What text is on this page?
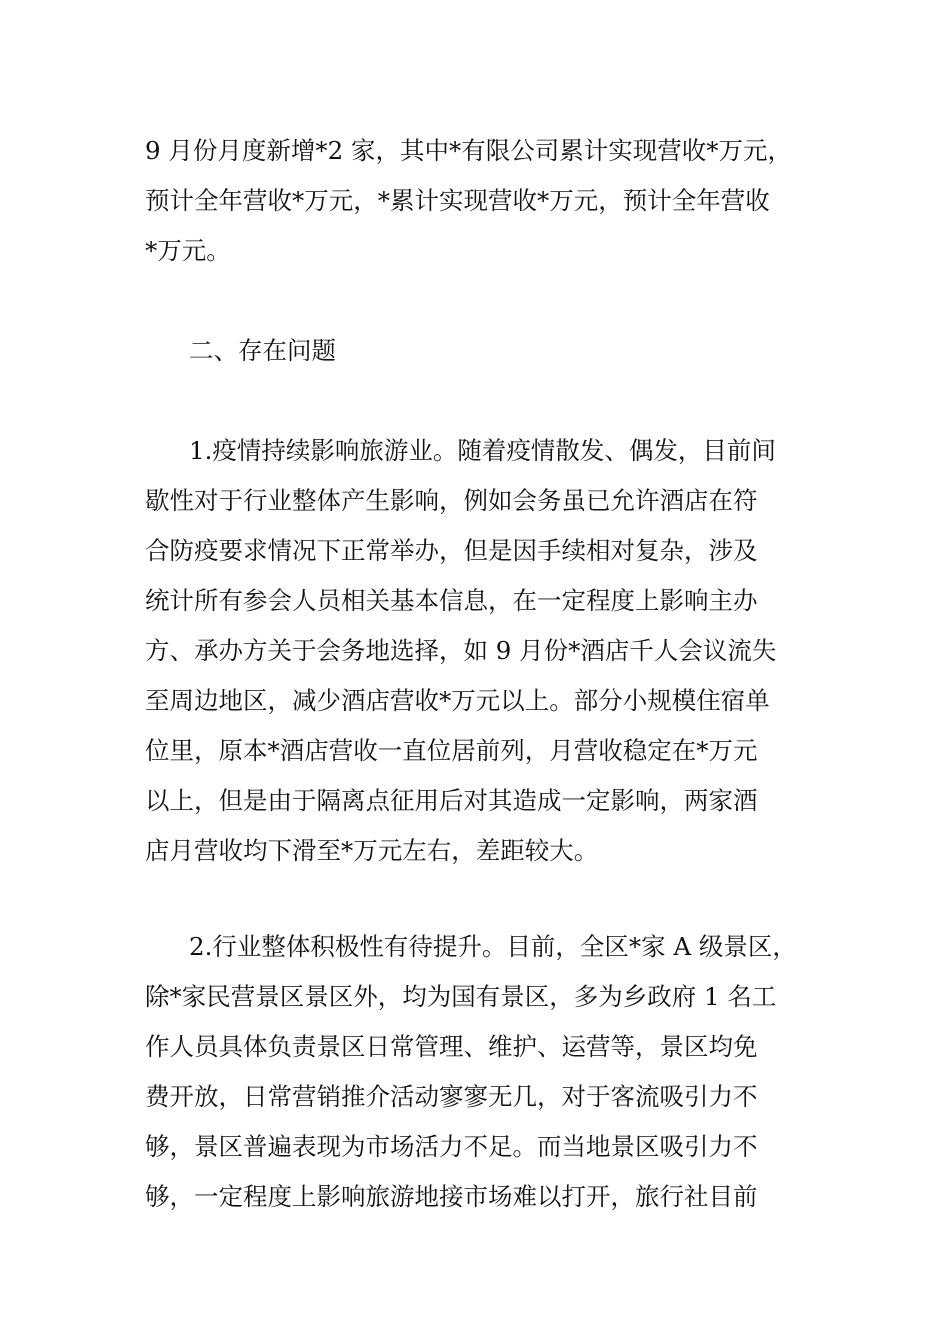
9 月份月度新增*2 家，其中*有限公司累计实现营收*万元，
预计全年营收*万元，*累计实现营收*万元，预计全年营收
*万元。
二、存在问题
1.疫情持续影响旅游业。随着疫情散发、偶发，目前间
歇性对于行业整体产生影响，例如会务虽已允许酒店在符
合防疫要求情况下正常举办，但是因手续相对复杂，涉及
统计所有参会人员相关基本信息，在一定程度上影响主办
方、承办方关于会务地选择，如 9 月份*酒店千人会议流失
至周边地区，减少酒店营收*万元以上。部分小规模住宿单
位里，原本*酒店营收一直位居前列，月营收稳定在*万元
以上，但是由于隔离点征用后对其造成一定影响，两家酒
店月营收均下滑至*万元左右，差距较大。
2.行业整体积极性有待提升。目前，全区*家 A 级景区，
除*家民营景区景区外，均为国有景区，多为乡政府 1 名工
作人员具体负责景区日常管理、维护、运营等，景区均免
费开放，日常营销推介活动寥寥无几，对于客流吸引力不
够，景区普遍表现为市场活力不足。而当地景区吸引力不
够，一定程度上影响旅游地接市场难以打开，旅行社目前
